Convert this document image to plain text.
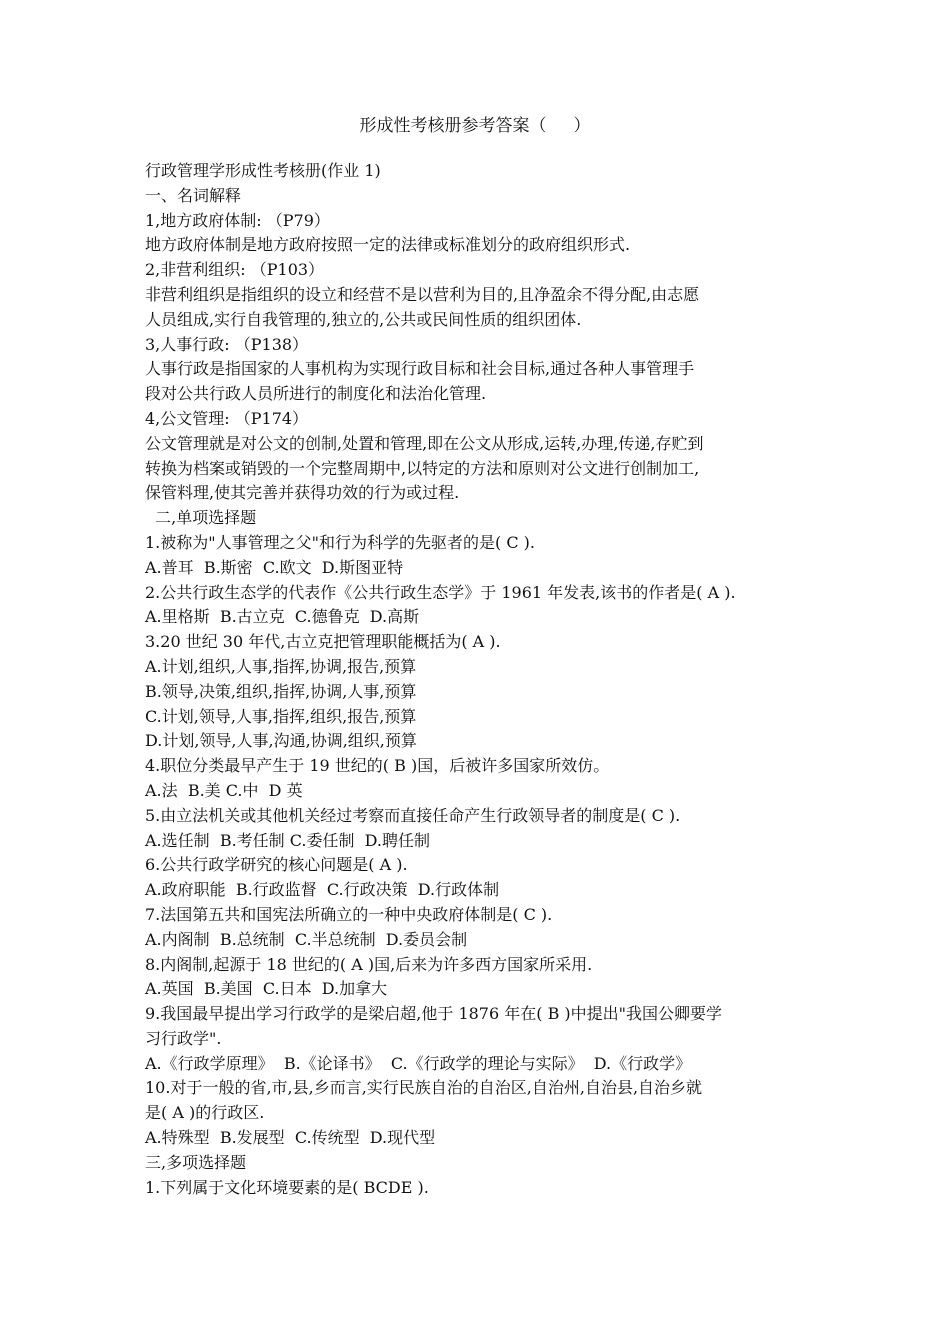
形成性考核册参考答案（     ）
行政管理学形成性考核册(作业 1)
一、名词解释
1,地方政府体制: （P79）
地方政府体制是地方政府按照一定的法律或标准划分的政府组织形式.
2,非营利组织: （P103）
非营利组织是指组织的设立和经营不是以营利为目的,且净盈余不得分配,由志愿
人员组成,实行自我管理的,独立的,公共或民间性质的组织团体.
3,人事行政: （P138）
人事行政是指国家的人事机构为实现行政目标和社会目标,通过各种人事管理手
段对公共行政人员所进行的制度化和法治化管理.
4,公文管理: （P174）
公文管理就是对公文的创制,处置和管理,即在公文从形成,运转,办理,传递,存贮到
转换为档案或销毁的一个完整周期中,以特定的方法和原则对公文进行创制加工,
保管料理,使其完善并获得功效的行为或过程.
二,单项选择题
1.被称为"人事管理之父"和行为科学的先驱者的是( C ).
A.普耳  B.斯密  C.欧文  D.斯图亚特
2.公共行政生态学的代表作《公共行政生态学》于 1961 年发表,该书的作者是( A ).
A.里格斯  B.古立克  C.德鲁克  D.高斯
3.20 世纪 30 年代,古立克把管理职能概括为( A ).
A.计划,组织,人事,指挥,协调,报告,预算
B.领导,决策,组织,指挥,协调,人事,预算
C.计划,领导,人事,指挥,组织,报告,预算
D.计划,领导,人事,沟通,协调,组织,预算
4.职位分类最早产生于 19 世纪的( B )国，后被许多国家所效仿。
A.法  B.美 C.中  D 英
5.由立法机关或其他机关经过考察而直接任命产生行政领导者的制度是( C ).
A.选任制  B.考任制 C.委任制  D.聘任制
6.公共行政学研究的核心问题是( A ).
A.政府职能  B.行政监督  C.行政决策  D.行政体制
7.法国第五共和国宪法所确立的一种中央政府体制是( C ).
A.内阁制  B.总统制  C.半总统制  D.委员会制
8.内阁制,起源于 18 世纪的( A )国,后来为许多西方国家所采用.
A.英国  B.美国  C.日本  D.加拿大
9.我国最早提出学习行政学的是梁启超,他于 1876 年在( B )中提出"我国公卿要学
习行政学".
A.《行政学原理》  B.《论译书》  C.《行政学的理论与实际》  D.《行政学》
10.对于一般的省,市,县,乡而言,实行民族自治的自治区,自治州,自治县,自治乡就
是( A )的行政区.
A.特殊型  B.发展型  C.传统型  D.现代型
三,多项选择题
1.下列属于文化环境要素的是( BCDE ).
